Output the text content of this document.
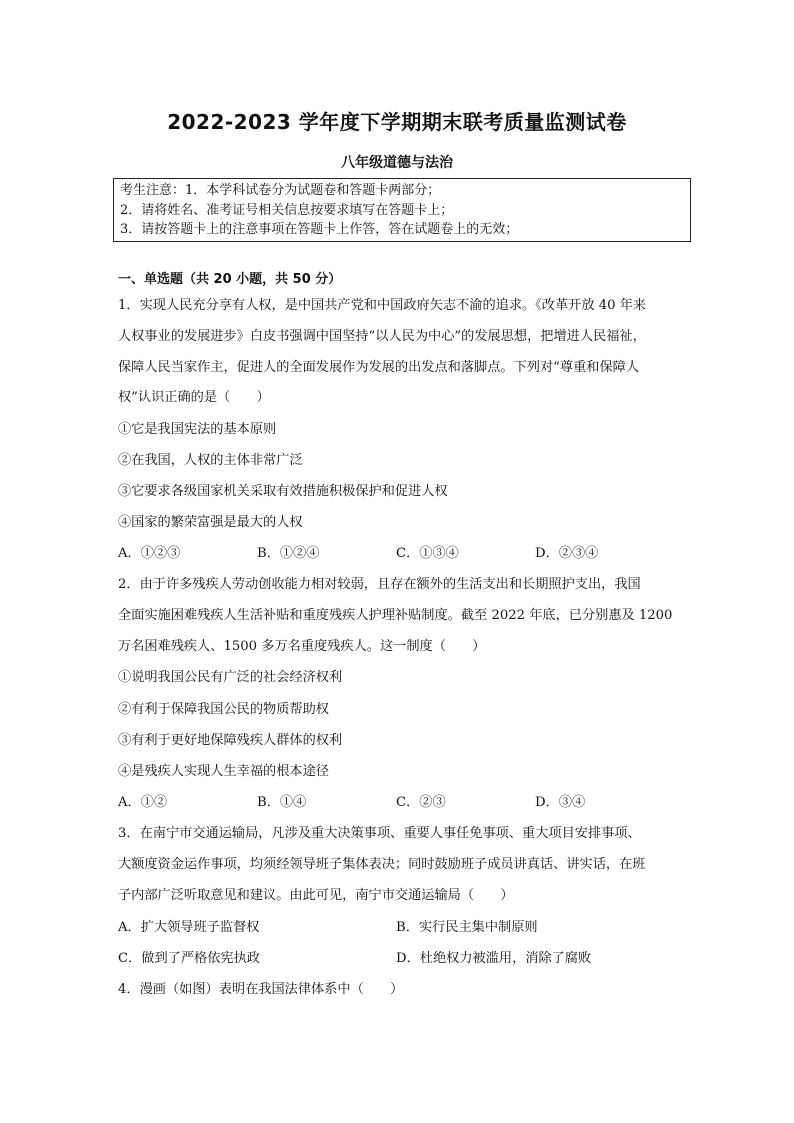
2022-2023 学年度下学期期末联考质量监测试卷
八年级道德与法治
考生注意：1．本学科试卷分为试题卷和答题卡两部分；
2．请将姓名、准考证号相关信息按要求填写在答题卡上；
3．请按答题卡上的注意事项在答题卡上作答，答在试题卷上的无效；
一、单选题（共 20 小题，共 50 分）
1．实现人民充分享有人权，是中国共产党和中国政府矢志不渝的追求。《改革开放 40 年来
人权事业的发展进步》白皮书强调中国坚持“以人民为中心”的发展思想，把增进人民福祉，
保障人民当家作主，促进人的全面发展作为发展的出发点和落脚点。下列对“尊重和保障人
权”认识正确的是（　　）
①它是我国宪法的基本原则
②在我国，人权的主体非常广泛
③它要求各级国家机关采取有效措施积极保护和促进人权
④国家的繁荣富强是最大的人权
A．①②③	B．①②④	C．①③④	D．②③④
2．由于许多残疾人劳动创收能力相对较弱，且存在额外的生活支出和长期照护支出，我国
全面实施困难残疾人生活补贴和重度残疾人护理补贴制度。截至 2022 年底，已分别惠及 1200
万名困难残疾人、1500 多万名重度残疾人。这一制度（　　）
①说明我国公民有广泛的社会经济权利
②有利于保障我国公民的物质帮助权
③有利于更好地保障残疾人群体的权利
④是残疾人实现人生幸福的根本途径
A．①②	B．①④	C．②③	D．③④
3．在南宁市交通运输局，凡涉及重大决策事项、重要人事任免事项、重大项目安排事项、
大额度资金运作事项，均须经领导班子集体表决；同时鼓励班子成员讲真话、讲实话，在班
子内部广泛听取意见和建议。由此可见，南宁市交通运输局（　　）
A．扩大领导班子监督权	B．实行民主集中制原则
C．做到了严格依宪执政	D．杜绝权力被滥用，消除了腐败
4．漫画（如图）表明在我国法律体系中（　　）
